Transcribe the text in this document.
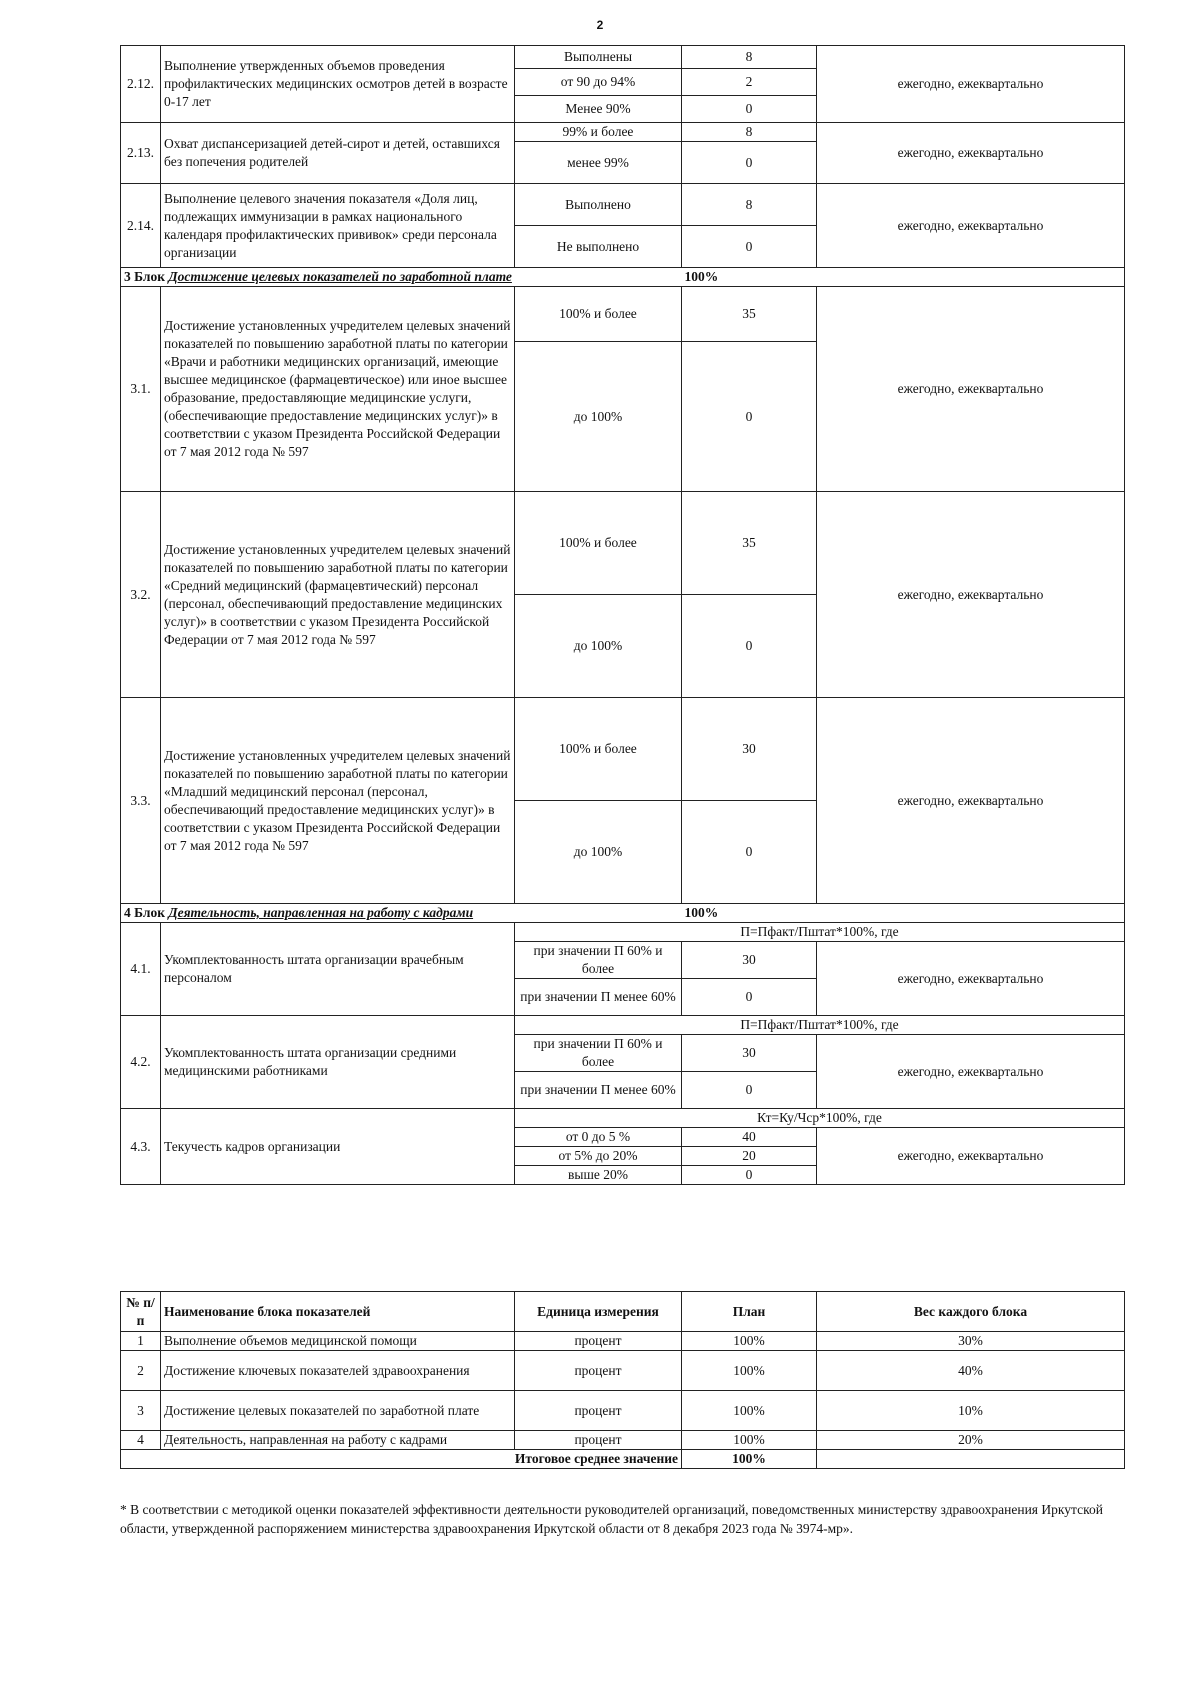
2
2.12.	Выполнение утвержденных объемов проведения профилактических медицинских осмотров детей в возрасте 0-17 лет	Выполнены	8	ежегодно, ежеквартально
		от 90 до 94%	2	
		Менее 90%	0	
2.13.	Охват диспансеризацией детей-сирот и детей, оставшихся без попечения родителей	99% и более	8	ежегодно, ежеквартально
		менее 99%	0	
2.14.	Выполнение целевого значения показателя «Доля лиц, подлежащих иммунизации в рамках национального календаря профилактических прививок» среди персонала организации	Выполнено	8	ежегодно, ежеквартально
		Не выполнено	0	
3 Блок Достижение целевых показателей по заработной плате			100%	
3.1.	Достижение установленных учредителем целевых значений показателей по повышению заработной платы по категории «Врачи и работники медицинских организаций, имеющие высшее медицинское (фармацевтическое) или иное высшее образование, предоставляющие медицинские услуги, (обеспечивающие предоставление медицинских услуг)» в соответствии с указом Президента Российской Федерации от 7 мая 2012 года № 597	100% и более	35	ежегодно, ежеквартально
		до 100%	0	
3.2.	Достижение установленных учредителем целевых значений показателей по повышению заработной платы по категории «Средний медицинский (фармацевтический) персонал (персонал, обеспечивающий предоставление медицинских услуг)» в соответствии с указом Президента Российской Федерации от 7 мая 2012 года № 597	100% и более	35	ежегодно, ежеквартально
		до 100%	0	
3.3.	Достижение установленных учредителем целевых значений показателей по повышению заработной платы по категории «Младший медицинский персонал (персонал, обеспечивающий предоставление медицинских услуг)» в соответствии с указом Президента Российской Федерации от 7 мая 2012 года № 597	100% и более	30	ежегодно, ежеквартально
		до 100%	0	
4 Блок Деятельность, направленная на работу с кадрами			100%	
4.1.	Укомплектованность штата организации врачебным персоналом	П=Пфакт/Пштат*100%, где		
		при значении П 60% и более	30	ежегодно, ежеквартально
		при значении П менее 60%	0	
4.2.	Укомплектованность штата организации средними медицинскими работниками	П=Пфакт/Пштат*100%, где		
		при значении П 60% и более	30	ежегодно, ежеквартально
		при значении П менее 60%	0	
4.3.	Текучесть кадров организации	Кт=Ку/Чср*100%, где		
		от 0 до 5 %	40	ежегодно, ежеквартально
		от 5% до 20%	20	
		выше 20%	0	
№ п/п	Наименование блока показателей	Единица измерения	План	Вес каждого блока
1	Выполнение объемов медицинской помощи	процент	100%	30%
2	Достижение ключевых показателей здравоохранения	процент	100%	40%
3	Достижение целевых показателей по заработной плате	процент	100%	10%
4	Деятельность, направленная на работу с кадрами	процент	100%	20%
Итоговое среднее значение			100%	
* В соответствии с методикой оценки показателей эффективности деятельности руководителей организаций, поведомственных министерству здравоохранения Иркутской области, утвержденной распоряжением министерства здравоохранения Иркутской области от 8 декабря 2023 года № 3974-мр».
